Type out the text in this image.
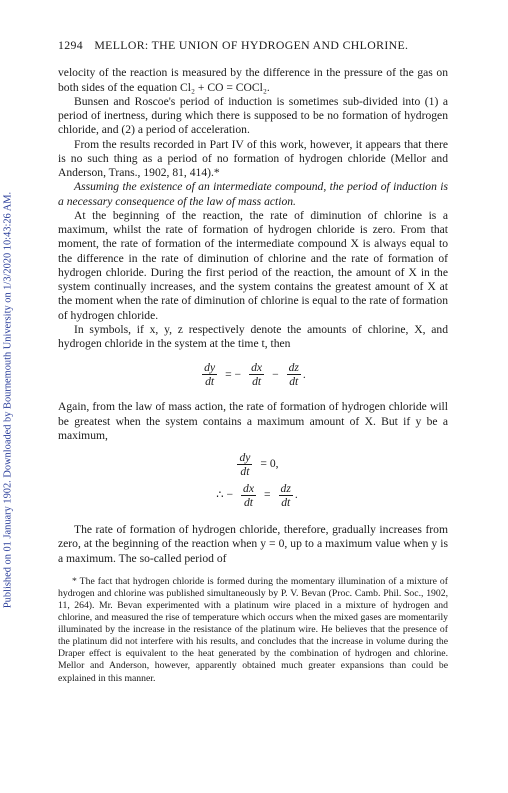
Published on 01 January 1902. Downloaded by Bournemouth University on 1/3/2020 10:43:26 AM.
1294 MELLOR: THE UNION OF HYDROGEN AND CHLORINE.

velocity of the reaction is measured by the difference in the pressure of the gas on both sides of the equation Cl₂ + CO = COCl₂.

Bunsen and Roscoe's period of induction is sometimes sub-divided into (1) a period of inertness, during which there is supposed to be no formation of hydrogen chloride, and (2) a period of acceleration.

From the results recorded in Part IV of this work, however, it appears that there is no such thing as a period of no formation of hydrogen chloride (Mellor and Anderson, Trans., 1902, 81, 414).*

Assuming the existence of an intermediate compound, the period of induction is a necessary consequence of the law of mass action.

At the beginning of the reaction, the rate of diminution of chlorine is a maximum, whilst the rate of formation of hydrogen chloride is zero. From that moment, the rate of formation of the intermediate compound X is always equal to the difference in the rate of diminution of chlorine and the rate of formation of hydrogen chloride. During the first period of the reaction, the amount of X in the system continually increases, and the system contains the greatest amount of X at the moment when the rate of diminution of chlorine is equal to the rate of formation of hydrogen chloride.

In symbols, if x, y, z respectively denote the amounts of chlorine, X, and hydrogen chloride in the system at the time t, then

$\frac{dy}{dt}$ = − $\frac{dx}{dt} - \frac{dz}{dt}$ .

Again, from the law of mass action, the rate of formation of hydrogen chloride will be greatest when the system contains a maximum amount of X. But if y be a maximum,

$\frac{dy}{dt} = 0$,
∴ − $\frac{dx}{dt} = \frac{dz}{dt}$ .

The rate of formation of hydrogen chloride, therefore, gradually increases from zero, at the beginning of the reaction when y = 0, up to a maximum value when y is a maximum. The so-called period of

* The fact that hydrogen chloride is formed during the momentary illumination of a mixture of hydrogen and chlorine was published simultaneously by P. V. Bevan (Proc. Camb. Phil. Soc., 1902, 11, 264). Mr. Bevan experimented with a platinum wire placed in a mixture of hydrogen and chlorine, and measured the rise of temperature which occurs when the mixed gases are momentarily illuminated by the increase in the resistance of the platinum wire. He believes that the presence of the platinum did not interfere with his results, and concludes that the increase in volume during the Draper effect is equivalent to the heat generated by the combination of hydrogen and chlorine. Mellor and Anderson, however, apparently obtained much greater expansions than could be explained in this manner.
